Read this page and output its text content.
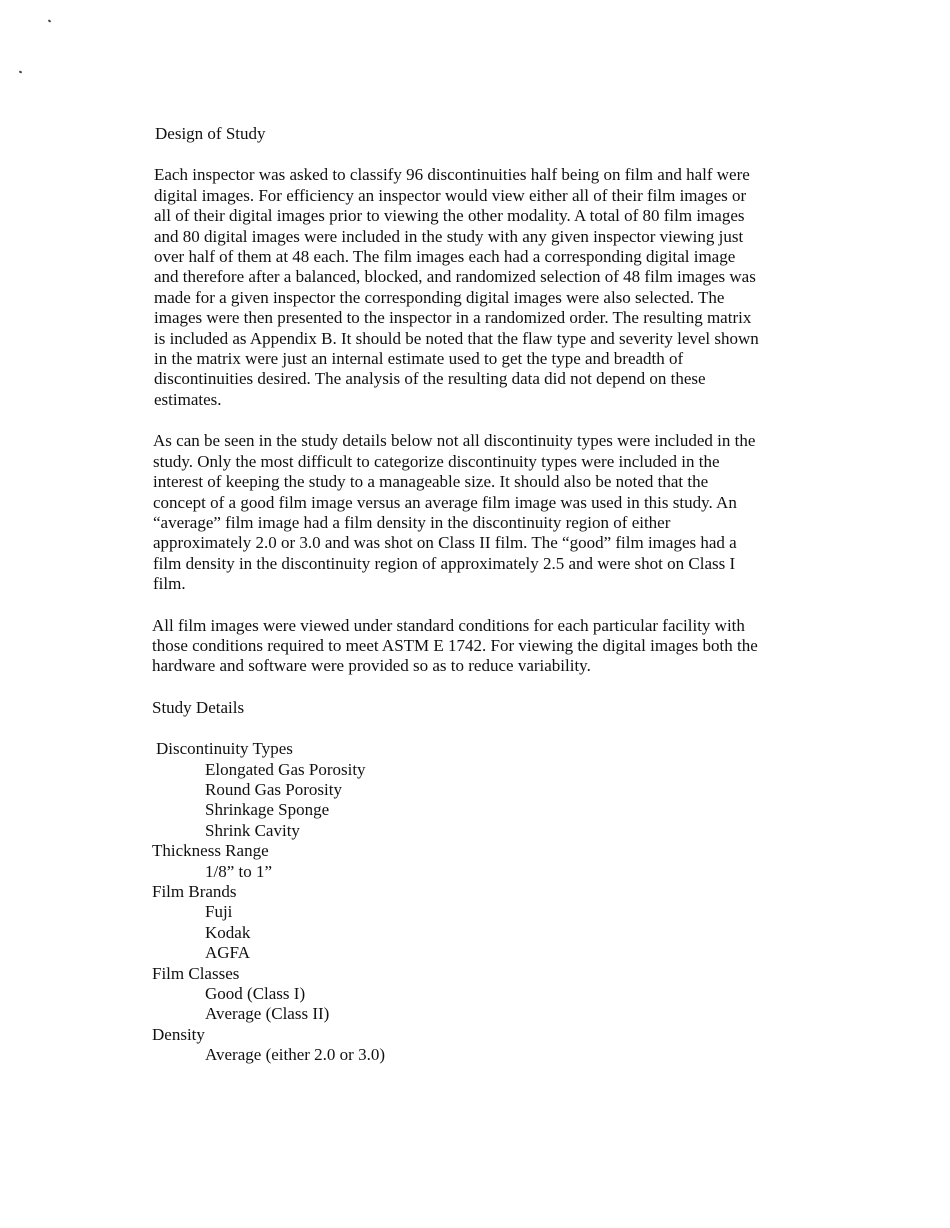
Design of Study
Each inspector was asked to classify 96 discontinuities half being on film and half were
digital images. For efficiency an inspector would view either all of their film images or
all of their digital images prior to viewing the other modality. A total of 80 film images
and 80 digital images were included in the study with any given inspector viewing just
over half of them at 48 each. The film images each had a corresponding digital image
and therefore after a balanced, blocked, and randomized selection of 48 film images was
made for a given inspector the corresponding digital images were also selected. The
images were then presented to the inspector in a randomized order. The resulting matrix
is included as Appendix B. It should be noted that the flaw type and severity level shown
in the matrix were just an internal estimate used to get the type and breadth of
discontinuities desired. The analysis of the resulting data did not depend on these
estimates.
As can be seen in the study details below not all discontinuity types were included in the
study. Only the most difficult to categorize discontinuity types were included in the
interest of keeping the study to a manageable size. It should also be noted that the
concept of a good film image versus an average film image was used in this study. An
“average” film image had a film density in the discontinuity region of either
approximately 2.0 or 3.0 and was shot on Class II film. The “good” film images had a
film density in the discontinuity region of approximately 2.5 and were shot on Class I
film.
All film images were viewed under standard conditions for each particular facility with
those conditions required to meet ASTM E 1742. For viewing the digital images both the
hardware and software were provided so as to reduce variability.
Study Details
Discontinuity Types
Elongated Gas Porosity
Round Gas Porosity
Shrinkage Sponge
Shrink Cavity
Thickness Range
1/8” to 1”
Film Brands
Fuji
Kodak
AGFA
Film Classes
Good (Class I)
Average (Class II)
Density
Average (either 2.0 or 3.0)
